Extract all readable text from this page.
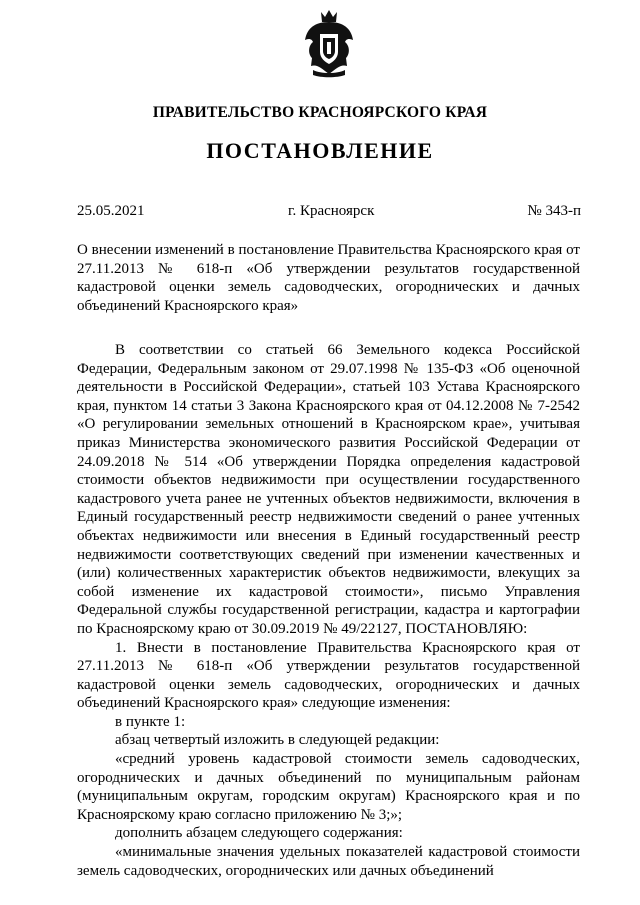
ПРАВИТЕЛЬСТВО КРАСНОЯРСКОГО КРАЯ
ПОСТАНОВЛЕНИЕ
25.05.2021	г. Красноярск	№ 343-п

О внесении изменений в постановление Правительства Красноярского края от 27.11.2013 № 618-п «Об утверждении результатов государственной кадастровой оценки земель садоводческих, огороднических и дачных объединений Красноярского края»

В соответствии со статьей 66 Земельного кодекса Российской Федерации, Федеральным законом от 29.07.1998 № 135-ФЗ «Об оценочной деятельности в Российской Федерации», статьей 103 Устава Красноярского края, пунктом 14 статьи 3 Закона Красноярского края от 04.12.2008 № 7-2542 «О регулировании земельных отношений в Красноярском крае», учитывая приказ Министерства экономического развития Российской Федерации от 24.09.2018 № 514 «Об утверждении Порядка определения кадастровой стоимости объектов недвижимости при осуществлении государственного кадастрового учета ранее не учтенных объектов недвижимости, включения в Единый государственный реестр недвижимости сведений о ранее учтенных объектах недвижимости или внесения в Единый государственный реестр недвижимости соответствующих сведений при изменении качественных и (или) количественных характеристик объектов недвижимости, влекущих за собой изменение их кадастровой стоимости», письмо Управления Федеральной службы государственной регистрации, кадастра и картографии по Красноярскому краю от 30.09.2019 № 49/22127, ПОСТАНОВЛЯЮ:

1. Внести в постановление Правительства Красноярского края от 27.11.2013 № 618-п «Об утверждении результатов государственной кадастровой оценки земель садоводческих, огороднических и дачных объединений Красноярского края» следующие изменения:

в пункте 1:

абзац четвертый изложить в следующей редакции:

«средний уровень кадастровой стоимости земель садоводческих, огороднических и дачных объединений по муниципальным районам (муниципальным округам, городским округам) Красноярского края и по Красноярскому краю согласно приложению № 3;»;

дополнить абзацем следующего содержания:

«минимальные значения удельных показателей кадастровой стоимости земель садоводческих, огороднических или дачных объединений
